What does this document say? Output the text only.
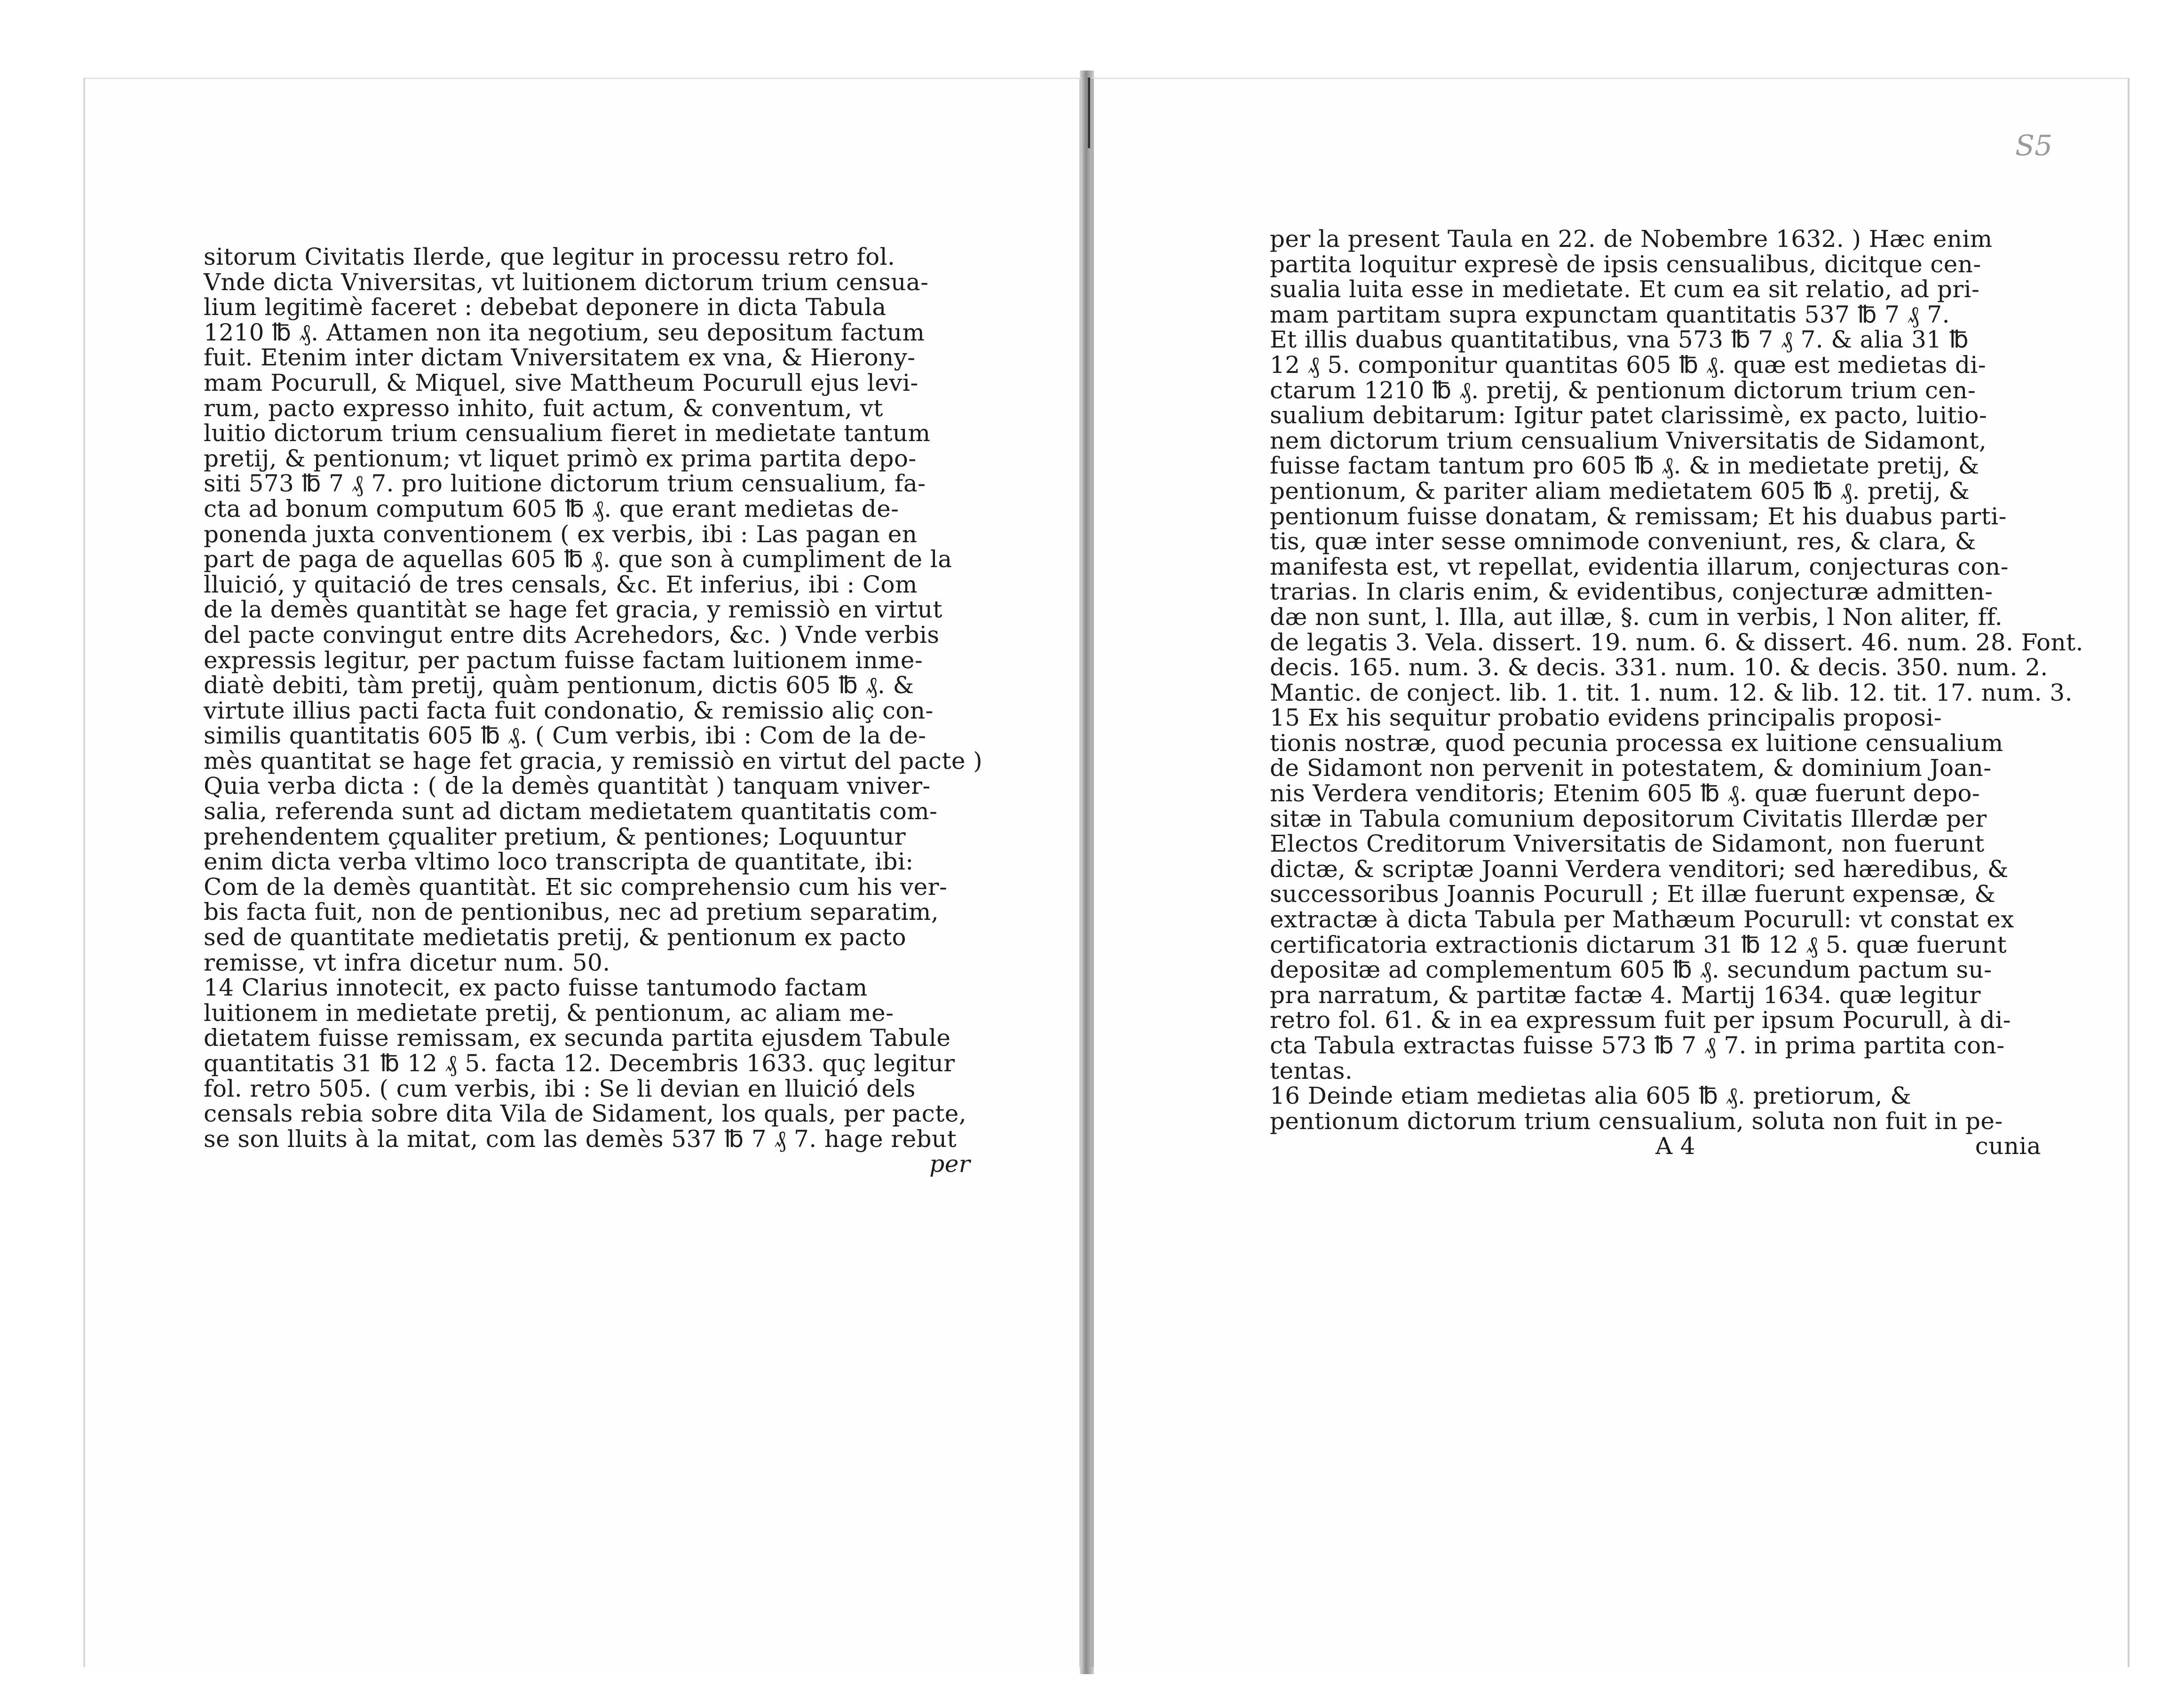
S5
sitorum Civitatis Ilerde, que legitur in processu retro fol.
Vnde dicta Vniversitas, vt luitionem dictorum trium censua-
lium legitimè faceret : debebat deponere in dicta Tabula
1210 ℔ ₰. Attamen non ita negotium, seu depositum factum
fuit. Etenim inter dictam Vniversitatem ex vna, & Hierony-
mam Pocurull, & Miquel, sive Mattheum Pocurull ejus levi-
rum, pacto expresso inhito, fuit actum, & conventum, vt
luitio dictorum trium censualium fieret in medietate tantum
pretij, & pentionum; vt liquet primò ex prima partita depo-
siti 573 ℔ 7 ₰ 7. pro luitione dictorum trium censualium, fa-
cta ad bonum computum 605 ℔ ₰. que erant medietas de-
ponenda juxta conventionem ( ex verbis, ibi : Las pagan en
part de paga de aquellas 605 ℔ ₰. que son à cumpliment de la
lluició, y quitació de tres censals, &c. Et inferius, ibi : Com
de la demès quantitàt se hage fet gracia, y remissiò en virtut
del pacte convingut entre dits Acrehedors, &c. ) Vnde verbis
expressis legitur, per pactum fuisse factam luitionem inme-
diatè debiti, tàm pretij, quàm pentionum, dictis 605 ℔ ₰. &
virtute illius pacti facta fuit condonatio, & remissio aliç con-
similis quantitatis 605 ℔ ₰. ( Cum verbis, ibi : Com de la de-
mès quantitat se hage fet gracia, y remissiò en virtut del pacte )
Quia verba dicta : ( de la demès quantitàt ) tanquam vniver-
salia, referenda sunt ad dictam medietatem quantitatis com-
prehendentem çqualiter pretium, & pentiones; Loquuntur
enim dicta verba vltimo loco transcripta de quantitate, ibi:
Com de la demès quantitàt. Et sic comprehensio cum his ver-
bis facta fuit, non de pentionibus, nec ad pretium separatim,
sed de quantitate medietatis pretij, & pentionum ex pacto
remisse, vt infra dicetur num. 50.
14 Clarius innotecit, ex pacto fuisse tantumodo factam
luitionem in medietate pretij, & pentionum, ac aliam me-
dietatem fuisse remissam, ex secunda partita ejusdem Tabule
quantitatis 31 ℔ 12 ₰ 5. facta 12. Decembris 1633. quç legitur
fol. retro 505. ( cum verbis, ibi : Se li devian en lluició dels
censals rebia sobre dita Vila de Sidament, los quals, per pacte,
se son lluits à la mitat, com las demès 537 ℔ 7 ₰ 7. hage rebut
per
per la present Taula en 22. de Nobembre 1632. ) Hæc enim
partita loquitur expresè de ipsis censualibus, dicitque cen-
sualia luita esse in medietate. Et cum ea sit relatio, ad pri-
mam partitam supra expunctam quantitatis 537 ℔ 7 ₰ 7.
Et illis duabus quantitatibus, vna 573 ℔ 7 ₰ 7. & alia 31 ℔
12 ₰ 5. componitur quantitas 605 ℔ ₰. quæ est medietas di-
ctarum 1210 ℔ ₰. pretij, & pentionum dictorum trium cen-
sualium debitarum: Igitur patet clarissimè, ex pacto, luitio-
nem dictorum trium censualium Vniversitatis de Sidamont,
fuisse factam tantum pro 605 ℔ ₰. & in medietate pretij, &
pentionum, & pariter aliam medietatem 605 ℔ ₰. pretij, &
pentionum fuisse donatam, & remissam; Et his duabus parti-
tis, quæ inter sesse omnimode conveniunt, res, & clara, &
manifesta est, vt repellat, evidentia illarum, conjecturas con-
trarias. In claris enim, & evidentibus, conjecturæ admitten-
dæ non sunt, l. Illa, aut illæ, §. cum in verbis, l Non aliter, ff.
de legatis 3. Vela. dissert. 19. num. 6. & dissert. 46. num. 28. Font.
decis. 165. num. 3. & decis. 331. num. 10. & decis. 350. num. 2.
Mantic. de conject. lib. 1. tit. 1. num. 12. & lib. 12. tit. 17. num. 3.
15 Ex his sequitur probatio evidens principalis proposi-
tionis nostræ, quod pecunia processa ex luitione censualium
de Sidamont non pervenit in potestatem, & dominium Joan-
nis Verdera venditoris; Etenim 605 ℔ ₰. quæ fuerunt depo-
sitæ in Tabula comunium depositorum Civitatis Illerdæ per
Electos Creditorum Vniversitatis de Sidamont, non fuerunt
dictæ, & scriptæ Joanni Verdera venditori; sed hæredibus, &
successoribus Joannis Pocurull ; Et illæ fuerunt expensæ, &
extractæ à dicta Tabula per Mathæum Pocurull: vt constat ex
certificatoria extractionis dictarum 31 ℔ 12 ₰ 5. quæ fuerunt
depositæ ad complementum 605 ℔ ₰. secundum pactum su-
pra narratum, & partitæ factæ 4. Martij 1634. quæ legitur
retro fol. 61. & in ea expressum fuit per ipsum Pocurull, à di-
cta Tabula extractas fuisse 573 ℔ 7 ₰ 7. in prima partita con-
tentas.
16 Deinde etiam medietas alia 605 ℔ ₰. pretiorum, &
pentionum dictorum trium censualium, soluta non fuit in pe-
A 4	cunia
